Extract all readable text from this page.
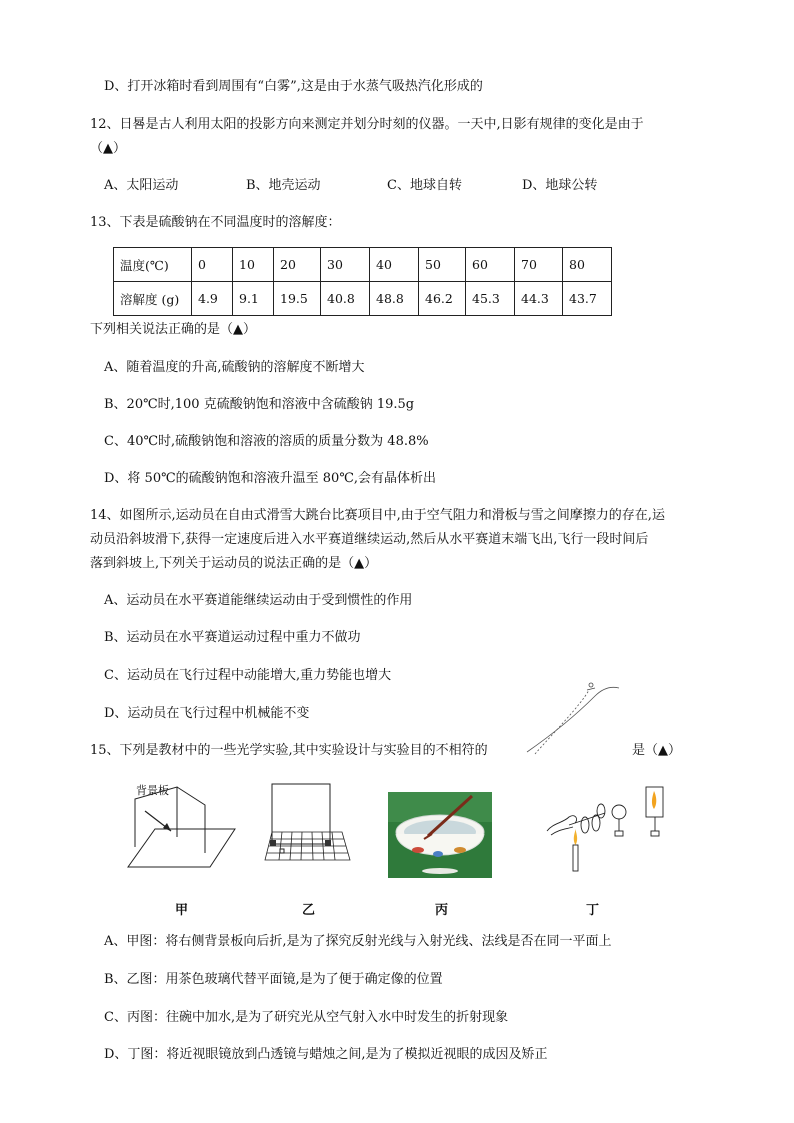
D、打开冰箱时看到周围有“白雾”,这是由于水蒸气吸热汽化形成的
12、日晷是古人利用太阳的投影方向来测定并划分时刻的仪器。一天中,日影有规律的变化是由于
（▲）
A、太阳运动	B、地壳运动	C、地球自转	D、地球公转
13、下表是硫酸钠在不同温度时的溶解度：
温度(℃)	0	10	20	30	40	50	60	70	80
溶解度 (g)	4.9	9.1	19.5	40.8	48.8	46.2	45.3	44.3	43.7
下列相关说法正确的是（▲）
A、随着温度的升高,硫酸钠的溶解度不断增大
B、20℃时,100 克硫酸钠饱和溶液中含硫酸钠 19.5g
C、40℃时,硫酸钠饱和溶液的溶质的质量分数为 48.8%
D、将 50℃的硫酸钠饱和溶液升温至 80℃,会有晶体析出
14、如图所示,运动员在自由式滑雪大跳台比赛项目中,由于空气阻力和滑板与雪之间摩擦力的存在,运
动员沿斜坡滑下,获得一定速度后进入水平赛道继续运动,然后从水平赛道末端飞出,飞行一段时间后
落到斜坡上,下列关于运动员的说法正确的是（▲）
A、运动员在水平赛道能继续运动由于受到惯性的作用
B、运动员在水平赛道运动过程中重力不做功
C、运动员在飞行过程中动能增大,重力势能也增大
D、运动员在飞行过程中机械能不变
15、下列是教材中的一些光学实验,其中实验设计与实验目的不相符的	是（▲）
背景板
甲	乙	丙	丁
A、甲图：将右侧背景板向后折,是为了探究反射光线与入射光线、法线是否在同一平面上
B、乙图：用茶色玻璃代替平面镜,是为了便于确定像的位置
C、丙图：往碗中加水,是为了研究光从空气射入水中时发生的折射现象
D、丁图：将近视眼镜放到凸透镜与蜡烛之间,是为了模拟近视眼的成因及矫正
